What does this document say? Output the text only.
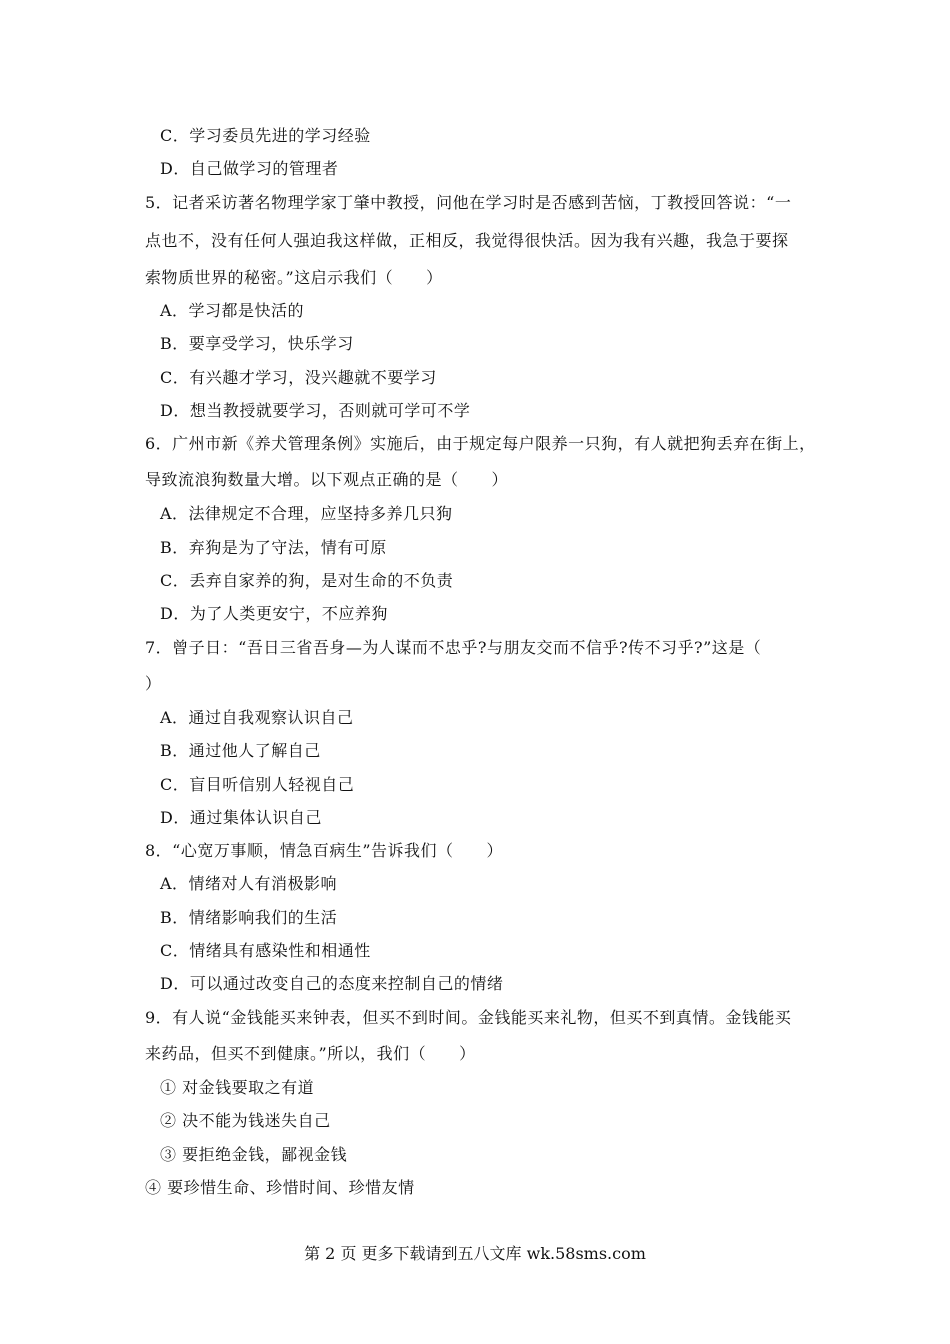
C．学习委员先进的学习经验
D．自己做学习的管理者
5．记者采访著名物理学家丁肇中教授，问他在学习时是否感到苦恼，丁教授回答说：“一
点也不，没有任何人强迫我这样做，正相反，我觉得很快活。因为我有兴趣，我急于要探
索物质世界的秘密。”这启示我们（　　）
A．学习都是快活的
B．要享受学习，快乐学习
C．有兴趣才学习，没兴趣就不要学习
D．想当教授就要学习，否则就可学可不学
6．广州市新《养犬管理条例》实施后，由于规定每户限养一只狗，有人就把狗丢弃在街上，
导致流浪狗数量大增。以下观点正确的是（　　）
A．法律规定不合理，应坚持多养几只狗
B．弃狗是为了守法，情有可原
C．丢弃自家养的狗，是对生命的不负责
D．为了人类更安宁，不应养狗
7．曾子日：“吾日三省吾身—为人谋而不忠乎?与朋友交而不信乎?传不习乎?”这是（
）
A．通过自我观察认识自己
B．通过他人了解自己
C．盲目听信别人轻视自己
D．通过集体认识自己
8．“心宽万事顺，情急百病生”告诉我们（　　）
A．情绪对人有消极影响
B．情绪影响我们的生活
C．情绪具有感染性和相通性
D．可以通过改变自己的态度来控制自己的情绪
9．有人说“金钱能买来钟表，但买不到时间。金钱能买来礼物，但买不到真情。金钱能买
来药品，但买不到健康。”所以，我们（　　）
① 对金钱要取之有道
② 决不能为钱迷失自己
③ 要拒绝金钱，鄙视金钱
④ 要珍惜生命、珍惜时间、珍惜友情
第 2 页 更多下载请到五八文库 wk.58sms.com
